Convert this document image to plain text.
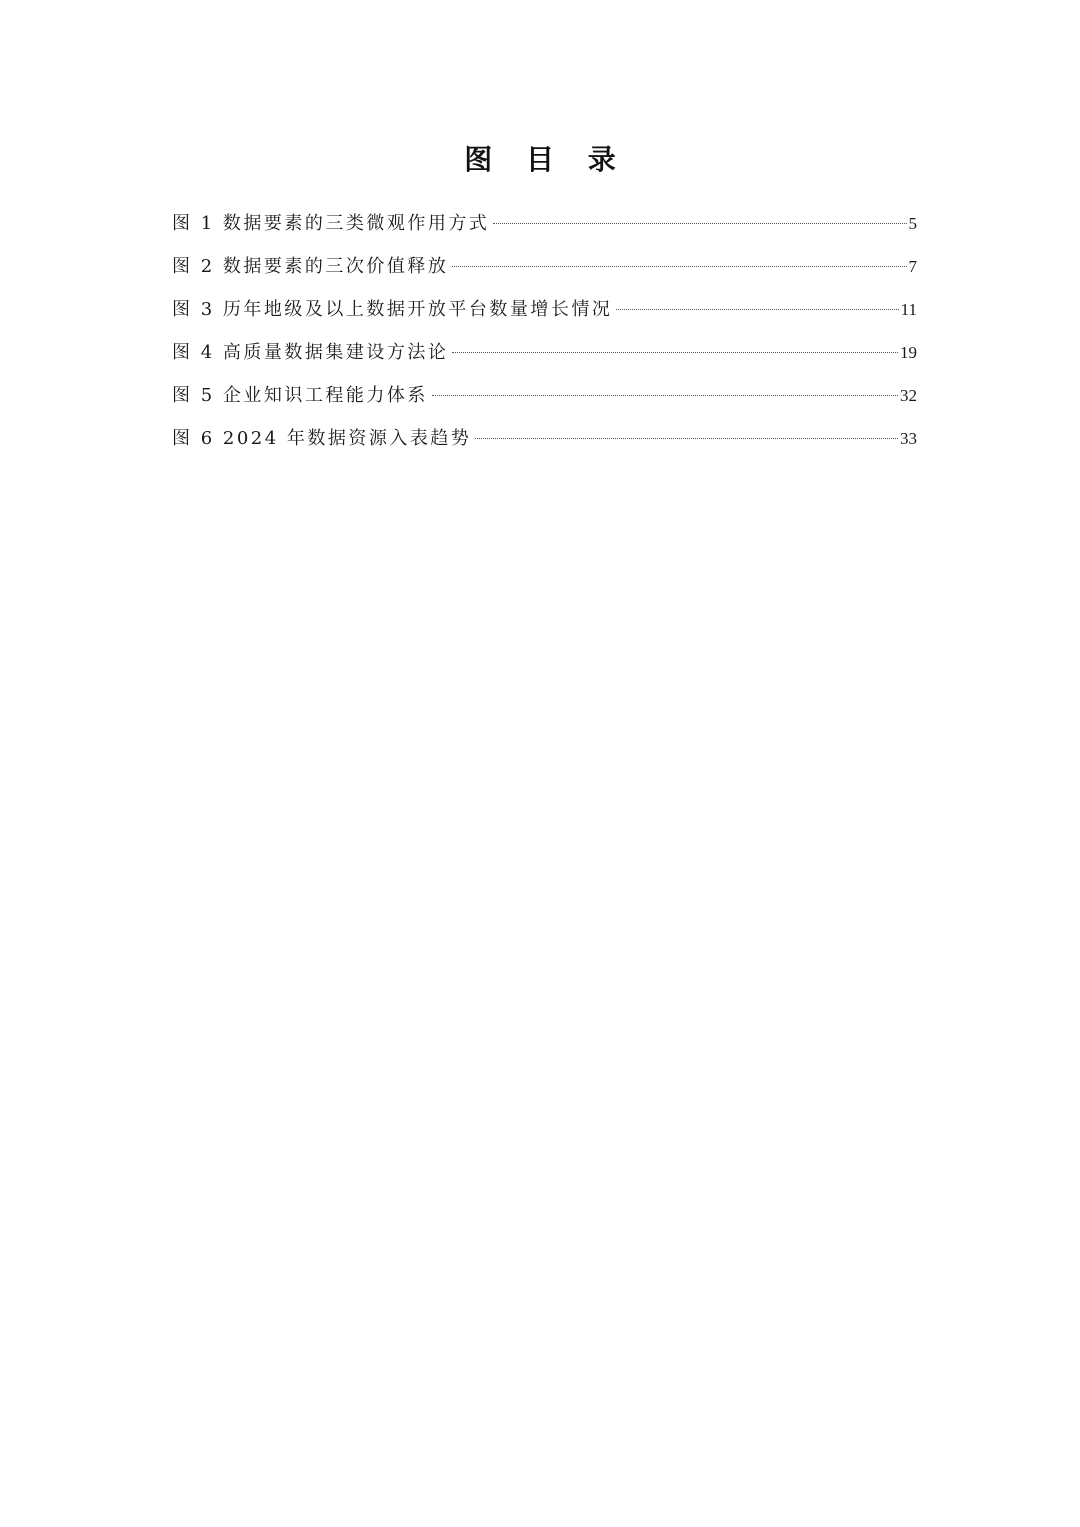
图 目 录
图 1 数据要素的三类微观作用方式	5
图 2 数据要素的三次价值释放	7
图 3 历年地级及以上数据开放平台数量增长情况	11
图 4 高质量数据集建设方法论	19
图 5 企业知识工程能力体系	32
图 6 2024 年数据资源入表趋势	33
